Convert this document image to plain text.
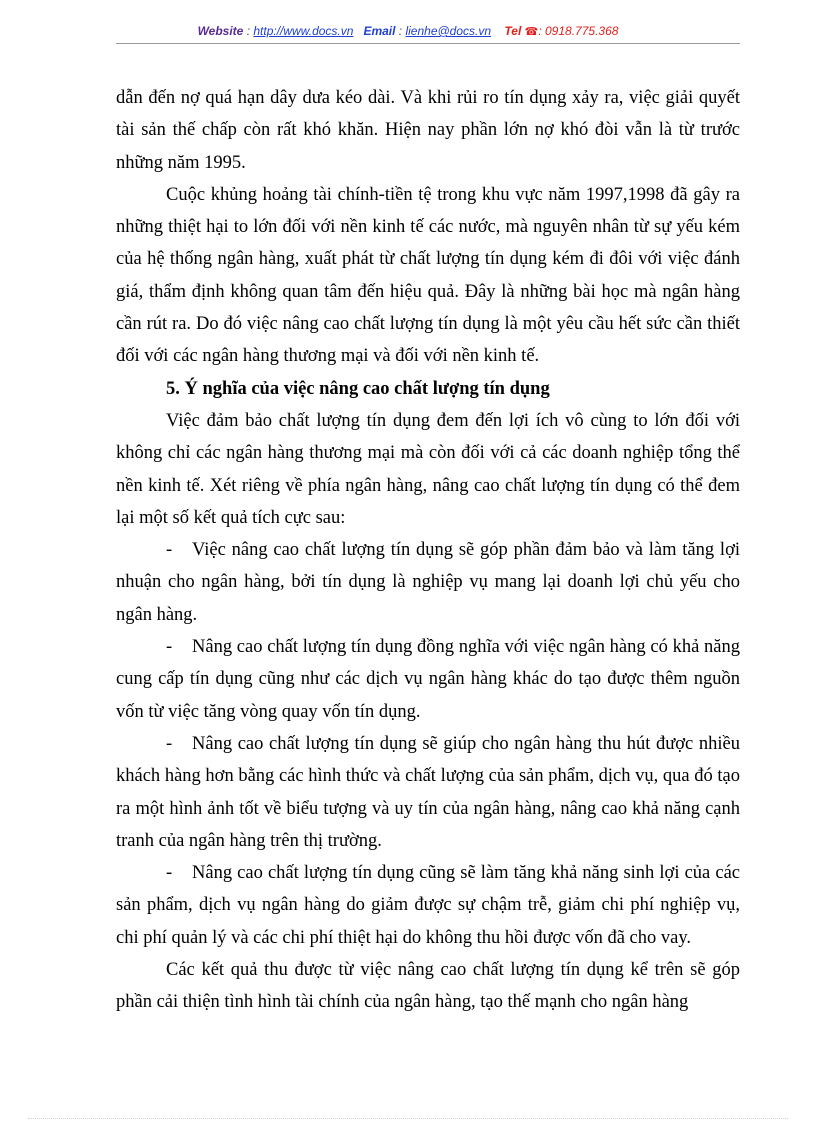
Website : http://www.docs.vn Email : lienhe@docs.vn Tel ☎: 0918.775.368

dẫn đến nợ quá hạn dây dưa kéo dài. Và khi rủi ro tín dụng xảy ra, việc giải quyết tài sản thế chấp còn rất khó khăn. Hiện nay phần lớn nợ khó đòi vẫn là từ trước những năm 1995.

Cuộc khủng hoảng tài chính-tiền tệ trong khu vực năm 1997,1998 đã gây ra những thiệt hại to lớn đối với nền kinh tế các nước, mà nguyên nhân từ sự yếu kém của hệ thống ngân hàng, xuất phát từ chất lượng tín dụng kém đi đôi với việc đánh giá, thẩm định không quan tâm đến hiệu quả. Đây là những bài học mà ngân hàng cần rút ra. Do đó việc nâng cao chất lượng tín dụng là một yêu cầu hết sức cần thiết đối với các ngân hàng thương mại và đối với nền kinh tế.

5. Ý nghĩa của việc nâng cao chất lượng tín dụng

Việc đảm bảo chất lượng tín dụng đem đến lợi ích vô cùng to lớn đối với không chỉ các ngân hàng thương mại mà còn đối với cả các doanh nghiệp tổng thể nền kinh tế. Xét riêng về phía ngân hàng, nâng cao chất lượng tín dụng có thể đem lại một số kết quả tích cực sau:

- Việc nâng cao chất lượng tín dụng sẽ góp phần đảm bảo và làm tăng lợi nhuận cho ngân hàng, bởi tín dụng là nghiệp vụ mang lại doanh lợi chủ yếu cho ngân hàng.

- Nâng cao chất lượng tín dụng đồng nghĩa với việc ngân hàng có khả năng cung cấp tín dụng cũng như các dịch vụ ngân hàng khác do tạo được thêm nguồn vốn từ việc tăng vòng quay vốn tín dụng.

- Nâng cao chất lượng tín dụng sẽ giúp cho ngân hàng thu hút được nhiều khách hàng hơn bằng các hình thức và chất lượng của sản phẩm, dịch vụ, qua đó tạo ra một hình ảnh tốt về biểu tượng và uy tín của ngân hàng, nâng cao khả năng cạnh tranh của ngân hàng trên thị trường.

- Nâng cao chất lượng tín dụng cũng sẽ làm tăng khả năng sinh lợi của các sản phẩm, dịch vụ ngân hàng do giảm được sự chậm trễ, giảm chi phí nghiệp vụ, chi phí quản lý và các chi phí thiệt hại do không thu hồi được vốn đã cho vay.

Các kết quả thu được từ việc nâng cao chất lượng tín dụng kể trên sẽ góp phần cải thiện tình hình tài chính của ngân hàng, tạo thế mạnh cho ngân hàng
